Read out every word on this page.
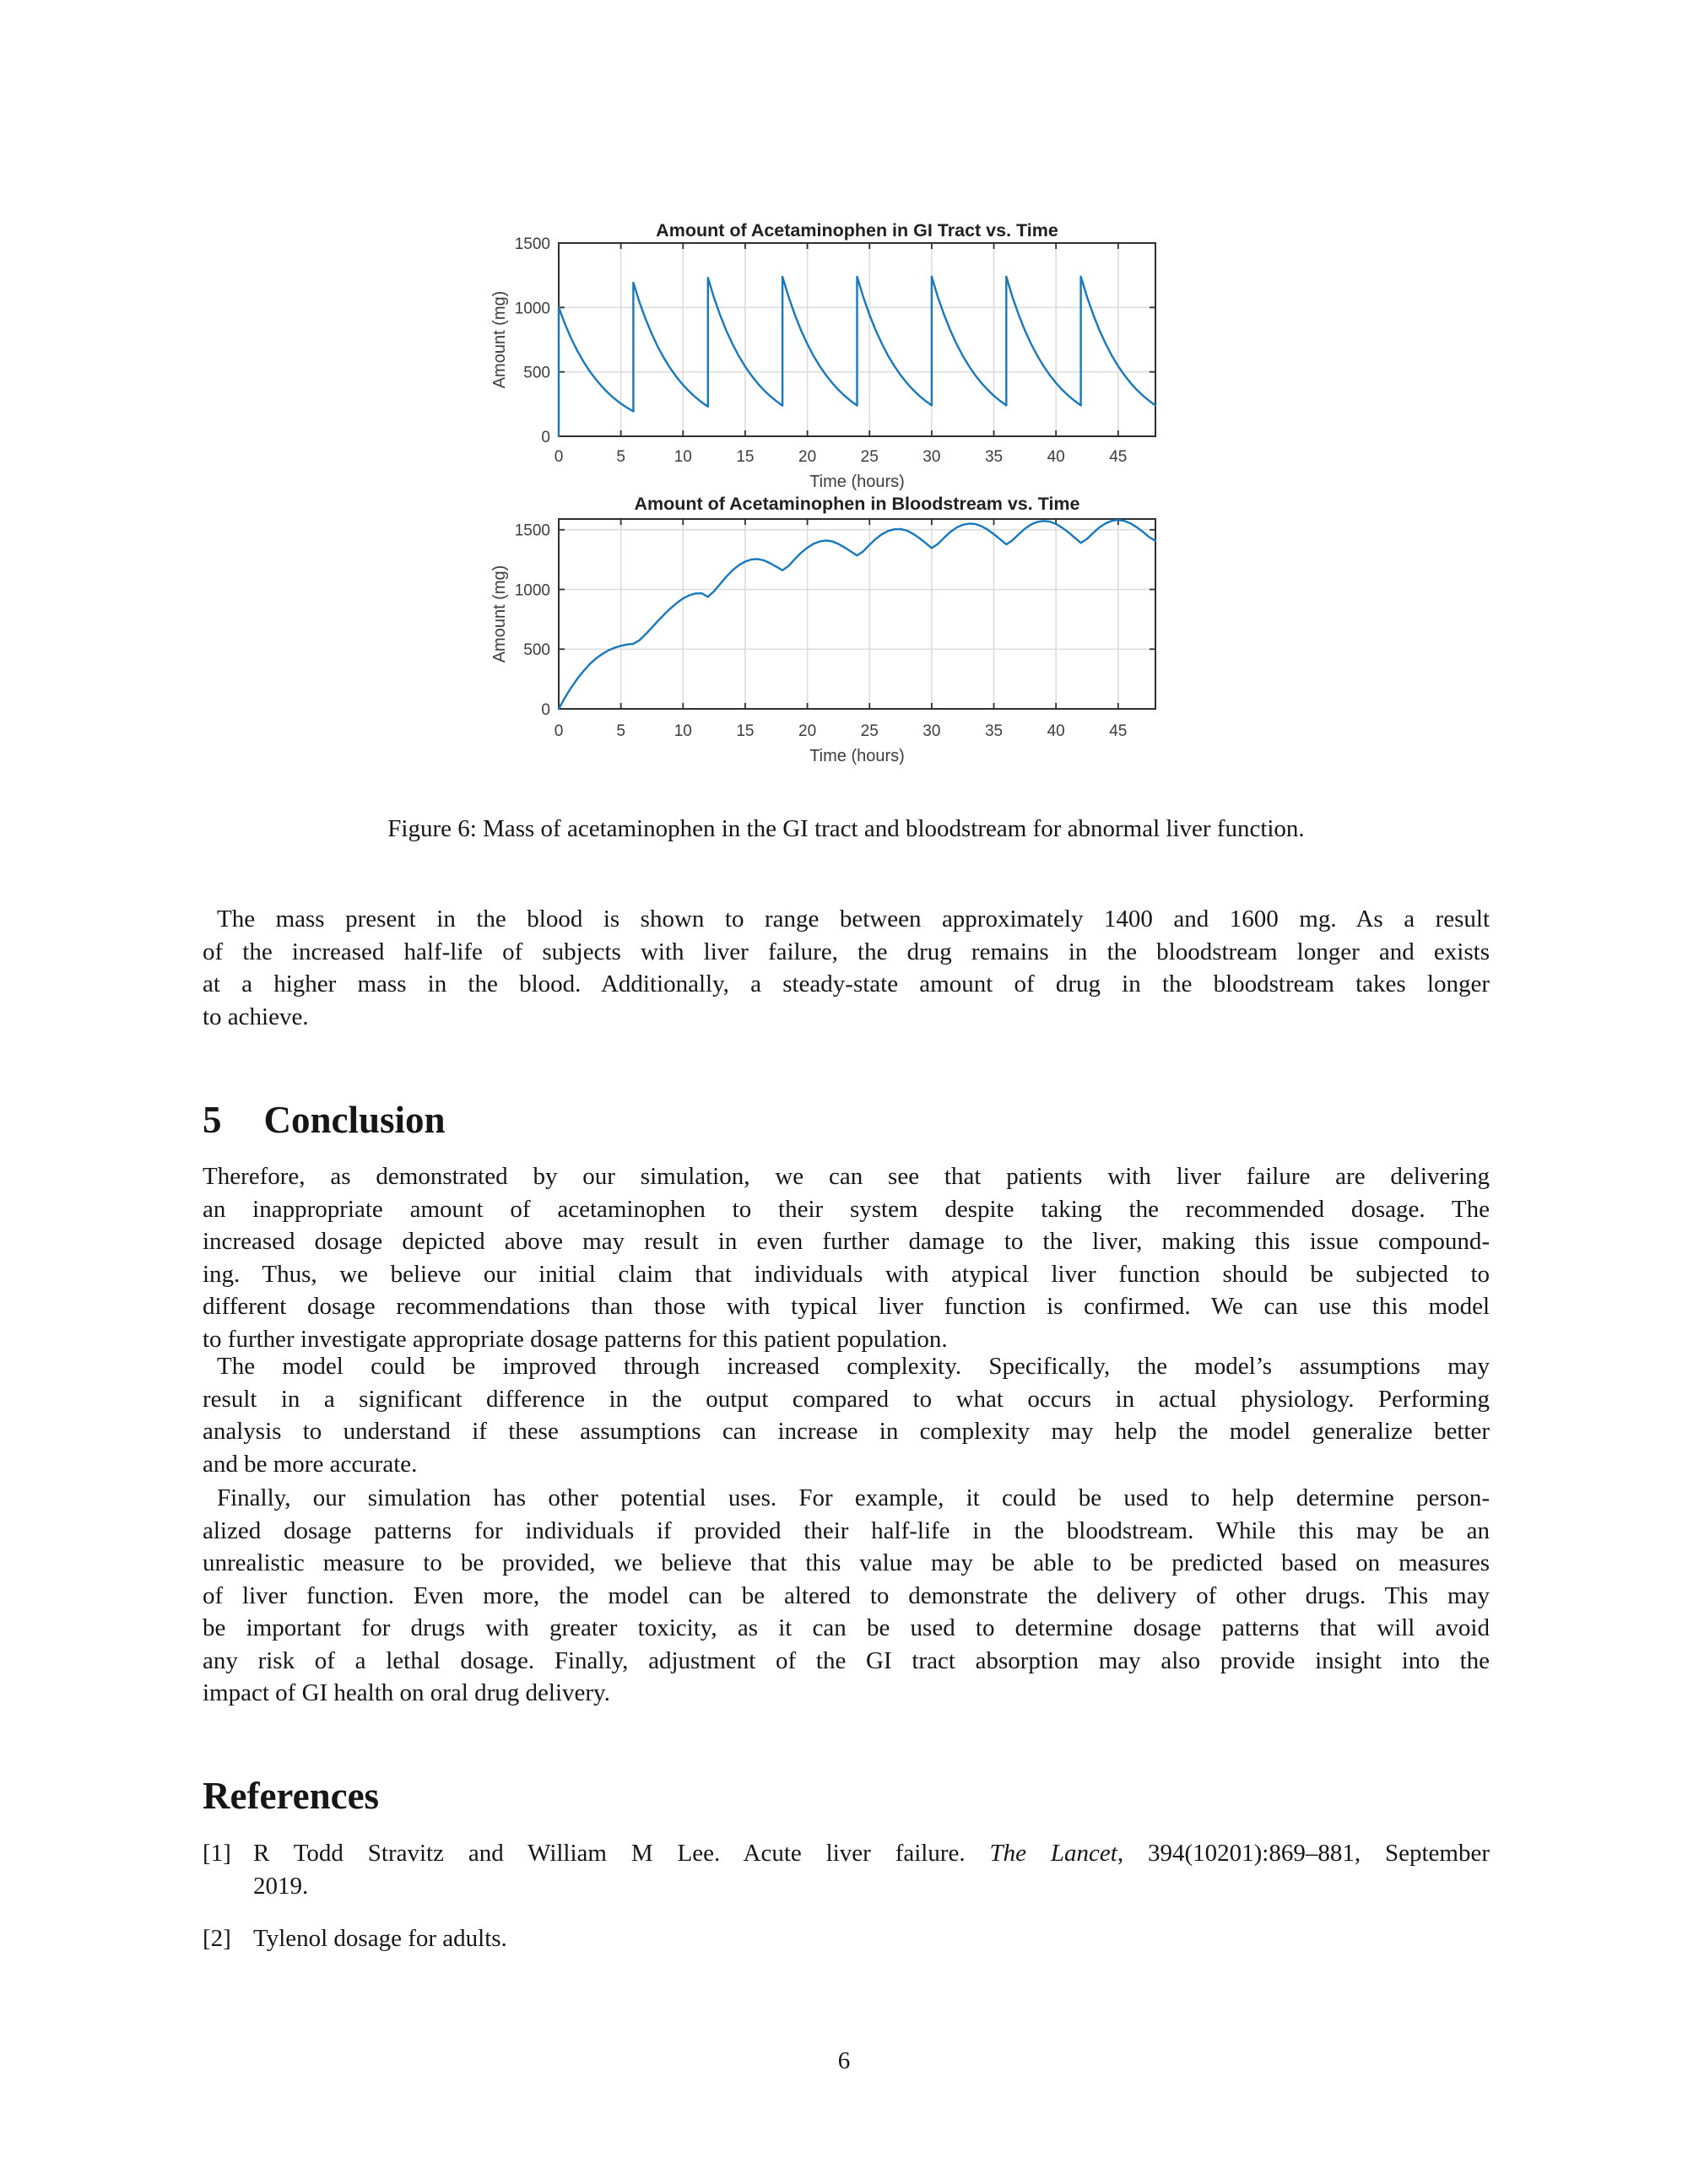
0	5	10	15	20	25	30	35	40	45
0
500
1000
1500
Amount of Acetaminophen in GI Tract vs. Time
Time (hours)
Amount (mg)
0	5	10	15	20	25	30	35	40	45
0
500
1000
1500
Amount of Acetaminophen in Bloodstream vs. Time
Time (hours)
Amount (mg)
Figure 6: Mass of acetaminophen in the GI tract and bloodstream for abnormal liver function.
The mass present in the blood is shown to range between approximately 1400 and 1600 mg. As a result
of the increased half-life of subjects with liver failure, the drug remains in the bloodstream longer and exists
at a higher mass in the blood. Additionally, a steady-state amount of drug in the bloodstream takes longer
to achieve.
5 Conclusion
Therefore, as demonstrated by our simulation, we can see that patients with liver failure are delivering
an inappropriate amount of acetaminophen to their system despite taking the recommended dosage. The
increased dosage depicted above may result in even further damage to the liver, making this issue compound-
ing. Thus, we believe our initial claim that individuals with atypical liver function should be subjected to
different dosage recommendations than those with typical liver function is confirmed. We can use this model
to further investigate appropriate dosage patterns for this patient population.
The model could be improved through increased complexity. Specifically, the model’s assumptions may
result in a significant difference in the output compared to what occurs in actual physiology. Performing
analysis to understand if these assumptions can increase in complexity may help the model generalize better
and be more accurate.
Finally, our simulation has other potential uses. For example, it could be used to help determine person-
alized dosage patterns for individuals if provided their half-life in the bloodstream. While this may be an
unrealistic measure to be provided, we believe that this value may be able to be predicted based on measures
of liver function. Even more, the model can be altered to demonstrate the delivery of other drugs. This may
be important for drugs with greater toxicity, as it can be used to determine dosage patterns that will avoid
any risk of a lethal dosage. Finally, adjustment of the GI tract absorption may also provide insight into the
impact of GI health on oral drug delivery.
References
[1] R Todd Stravitz and William M Lee. Acute liver failure. The Lancet, 394(10201):869–881, September
2019.
[2] Tylenol dosage for adults.
6
